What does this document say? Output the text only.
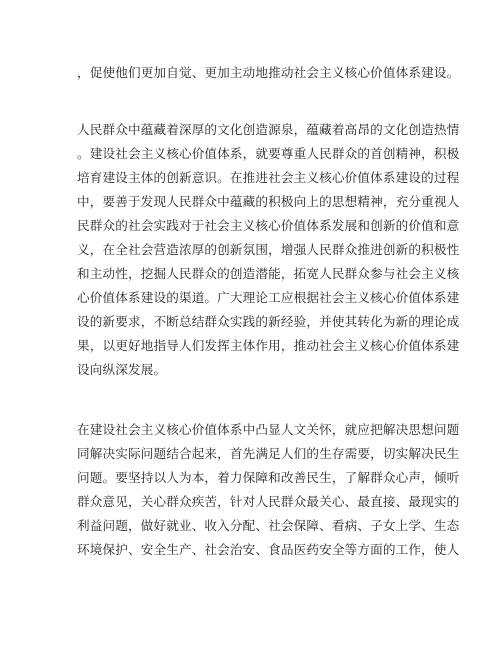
，促使他们更加自觉、更加主动地推动社会主义核心价值体系建设。

人民群众中蕴藏着深厚的文化创造源泉，蕴藏着高昂的文化创造热情

。建设社会主义核心价值体系，就要尊重人民群众的首创精神，积极

培育建设主体的创新意识。在推进社会主义核心价值体系建设的过程

中，要善于发现人民群众中蕴藏的积极向上的思想精神，充分重视人

民群众的社会实践对于社会主义核心价值体系发展和创新的价值和意

义，在全社会营造浓厚的创新氛围，增强人民群众推进创新的积极性

和主动性，挖掘人民群众的创造潜能，拓宽人民群众参与社会主义核

心价值体系建设的渠道。广大理论工应根据社会主义核心价值体系建

设的新要求，不断总结群众实践的新经验，并使其转化为新的理论成

果，以更好地指导人们发挥主体作用，推动社会主义核心价值体系建

设向纵深发展。

在建设社会主义核心价值体系中凸显人文关怀，就应把解决思想问题

同解决实际问题结合起来，首先满足人们的生存需要，切实解决民生

问题。要坚持以人为本，着力保障和改善民生，了解群众心声，倾听

群众意见，关心群众疾苦，针对人民群众最关心、最直接、最现实的

利益问题，做好就业、收入分配、社会保障、看病、子女上学、生态

环境保护、安全生产、社会治安、食品医药安全等方面的工作，使人
